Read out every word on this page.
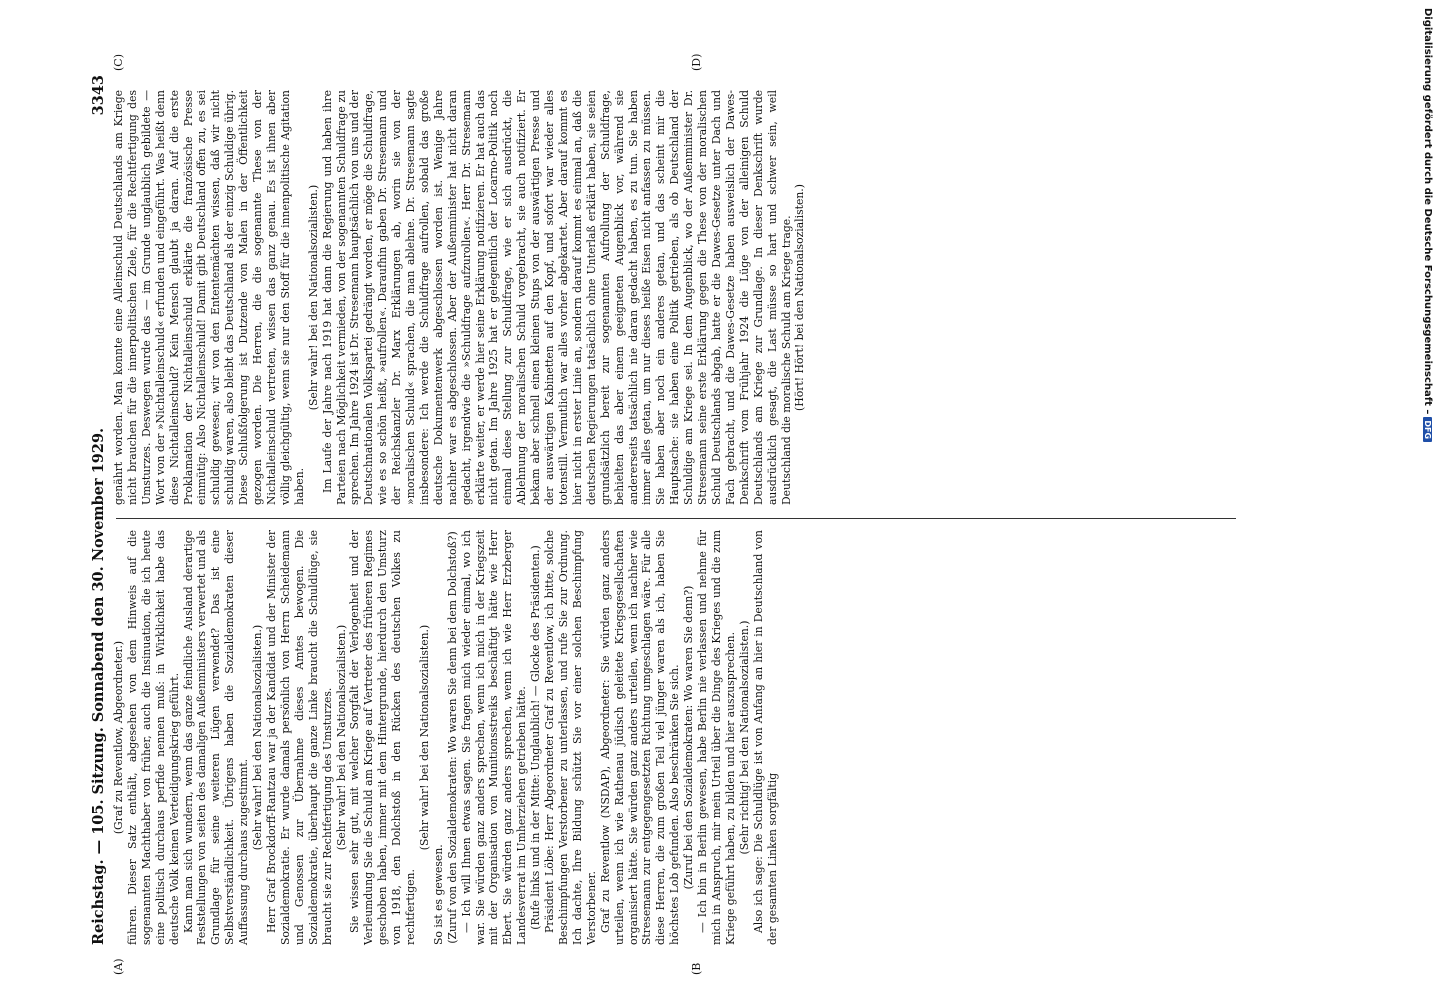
Reichstag. — 105. Sitzung. Sonnabend den 30. November 1929.
3343

(Graf zu Reventlow, Abgeordneter.) führen. Dieser Satz enthält, abgesehen von dem Hinweis auf die sogenannten Machthaber von früher, auch die Insinuation, die ich heute eine politisch durchaus perfide nennen muß: in Wirklichkeit habe das deutsche Volk keinen Verteidigungskrieg geführt. Kann man sich wundern, wenn das ganze feindliche Ausland derartige Feststellungen von seiten des damaligen Außenministers verwertet und als Grundlage für seine weiteren Lügen verwendet? Das ist eine Selbstverständlichkeit. Übrigens haben die Sozialdemokraten dieser Auffassung durchaus zugestimmt.

(Sehr wahr! bei den Nationalsozialisten.) Herr Graf Brockdorff-Rantzau war ja der Kandidat und der Minister der Sozialdemokratie. Er wurde damals persönlich von Herrn Scheidemann und Genossen zur Übernahme dieses Amtes bewogen. Die Sozialdemokratie, überhaupt die ganze Linke braucht die Schuldlüge, sie braucht sie zur Rechtfertigung des Umsturzes. (Sehr wahr! bei den Nationalsozialisten.) Sie wissen sehr gut, mit welcher Sorgfalt der Verlogenheit und der Verleumdung Sie die Schuld am Kriege auf Vertreter des früheren Regimes geschoben haben, immer mit dem Hintergrunde, hierdurch den Umsturz von 1918, den Dolchstoß in den Rücken des deutschen Volkes zu rechtfertigen.

(Sehr wahr! bei den Nationalsozialisten.)

So ist es gewesen. (Zuruf von den Sozialdemokraten: Wo waren Sie denn bei dem Dolchstoß?) — Ich will Ihnen etwas sagen. Sie fragen mich wieder einmal, wo ich war. Sie würden ganz anders sprechen, wenn ich mich in der Kriegszeit mit der Organisation von Munitionsstreiks beschäftigt hätte wie Herr Ebert. Sie würden ganz anders sprechen, wenn ich wie Herr Erzberger Landesverrat im Umherziehen getrieben hätte. (Rufe links und in der Mitte: Unglaublich! — Glocke des Präsidenten.) Präsident Löbe: Herr Abgeordneter Graf zu Reventlow, ich bitte, solche Beschimpfungen Verstorbener zu unterlassen, und rufe Sie zur Ordnung. Ich dachte, Ihre Bildung schützt Sie vor einer solchen Beschimpfung Verstorbener. Graf zu Reventlow (NSDAP), Abgeordneter: Sie würden ganz anders urteilen, wenn ich wie Rathenau jüdisch geleitete Kriegsgesellschaften organisiert hätte. Sie würden ganz anders urteilen, wenn ich nachher wie Stresemann zur entgegengesetzten Richtung umgeschlagen wäre. Für alle diese Herren, die zum großen Teil viel jünger waren als ich, haben Sie höchstes Lob gefunden. Also beschränken Sie sich. (Zuruf bei den Sozialdemokraten: Wo waren Sie denn?) — Ich bin in Berlin gewesen, habe Berlin nie verlassen und nehme für mich in Anspruch, mir mein Urteil über die Dinge des Krieges und die zum Kriege geführt haben, zu bilden und hier auszusprechen. (Sehr richtig! bei den Nationalsozialisten.) Also ich sage: Die Schuldlüge ist von Anfang an hier in Deutschland von der gesamten Linken sorgfältig

genährt worden. Man konnte eine Alleinschuld Deutschlands am Kriege nicht brauchen für die innerpolitischen Ziele, für die Rechtfertigung des Umsturzes. Deswegen wurde das — im Grunde unglaublich gebildete — Wort von der »Nichtalleinschuld« erfunden und eingeführt. Was heißt denn diese Nichtalleinschuld? Kein Mensch glaubt ja daran. Auf die erste Proklamation der Nichtalleinschuld erklärte die französische Presse einmütig: Also Nichtalleinschuld! Damit gibt Deutschland offen zu, es sei schuldig gewesen; wir von den Ententemächten wissen, daß wir nicht schuldig waren, also bleibt das Deutschland als der einzig Schuldige übrig. Diese Schlußfolgerung ist Dutzende von Malen in der Öffentlichkeit gezogen worden. Die Herren, die die sogenannte These von der Nichtalleinschuld vertreten, wissen das ganz genau. Es ist ihnen aber völlig gleichgültig, wenn sie nur den Stoff für die innenpolitische Agitation haben.

(Sehr wahr! bei den Nationalsozialisten.) Im Laufe der Jahre nach 1919 hat dann die Regierung und haben ihre Parteien nach Möglichkeit vermieden, von der sogenannten Schuldfrage zu sprechen. Im Jahre 1924 ist Dr. Stresemann hauptsächlich von uns und der Deutschnationalen Volkspartei gedrängt worden, er möge die Schuldfrage, wie es so schön heißt, »aufrollen«. Daraufhin gaben Dr. Stresemann und der Reichskanzler Dr. Marx Erklärungen ab, worin sie von der »moralischen Schuld« sprachen, die man ablehne. Dr. Stresemann sagte insbesondere: Ich werde die Schuldfrage aufrollen, sobald das große deutsche Dokumentenwerk abgeschlossen worden ist. Wenige Jahre nachher war es abgeschlossen. Aber der Außenminister hat nicht daran gedacht, irgendwie die »Schuldfrage aufzurollen«. Herr Dr. Stresemann erklärte weiter, er werde hier seine Erklärung notifizieren. Er hat auch das nicht getan. Im Jahre 1925 hat er gelegentlich der Locarno-Politik noch einmal diese Stellung zur Schuldfrage, wie er sich ausdrückt, die Ablehnung der moralischen Schuld vorgebracht, sie auch notifiziert. Er bekam aber schnell einen kleinen Stups von der auswärtigen Presse und der auswärtigen Kabinetten auf den Kopf, und sofort war wieder alles totenstill. Vermutlich war alles vorher abgekartet. Aber darauf kommt es hier nicht in erster Linie an, sondern darauf kommt es einmal an, daß die deutschen Regierungen tatsächlich ohne Unterlaß erklärt haben, sie seien grundsätzlich bereit zur sogenannten Aufrollung der Schuldfrage, behielten das aber einem geeigneten Augenblick vor, während sie andererseits tatsächlich nie daran gedacht haben, es zu tun. Sie haben immer alles getan, um nur dieses heiße Eisen nicht anfassen zu müssen. Sie haben aber noch ein anderes getan, und das scheint mir die Hauptsache: sie haben eine Politik getrieben, als ob Deutschland der Schuldige am Kriege sei. In dem Augenblick, wo der Außenminister Dr. Stresemann seine erste Erklärung gegen die These von der moralischen Schuld Deutschlands abgab, hatte er die Dawes-Gesetze unter Dach und Fach gebracht, und die Dawes-Gesetze haben ausweislich der Dawes-Denkschrift vom Frühjahr 1924 die Lüge von der alleinigen Schuld Deutschlands am Kriege zur Grundlage. In dieser Denkschrift wurde ausdrücklich gesagt, die Last müsse so hart und schwer sein, weil Deutschland die moralische Schuld am Kriege trage. (Hört! Hört! bei den Nationalsozialisten.)

(A)	(B
(C)	(D)	Digitalisierung gefördert durch die Deutsche Forschungsgemeinschaft –DFG
